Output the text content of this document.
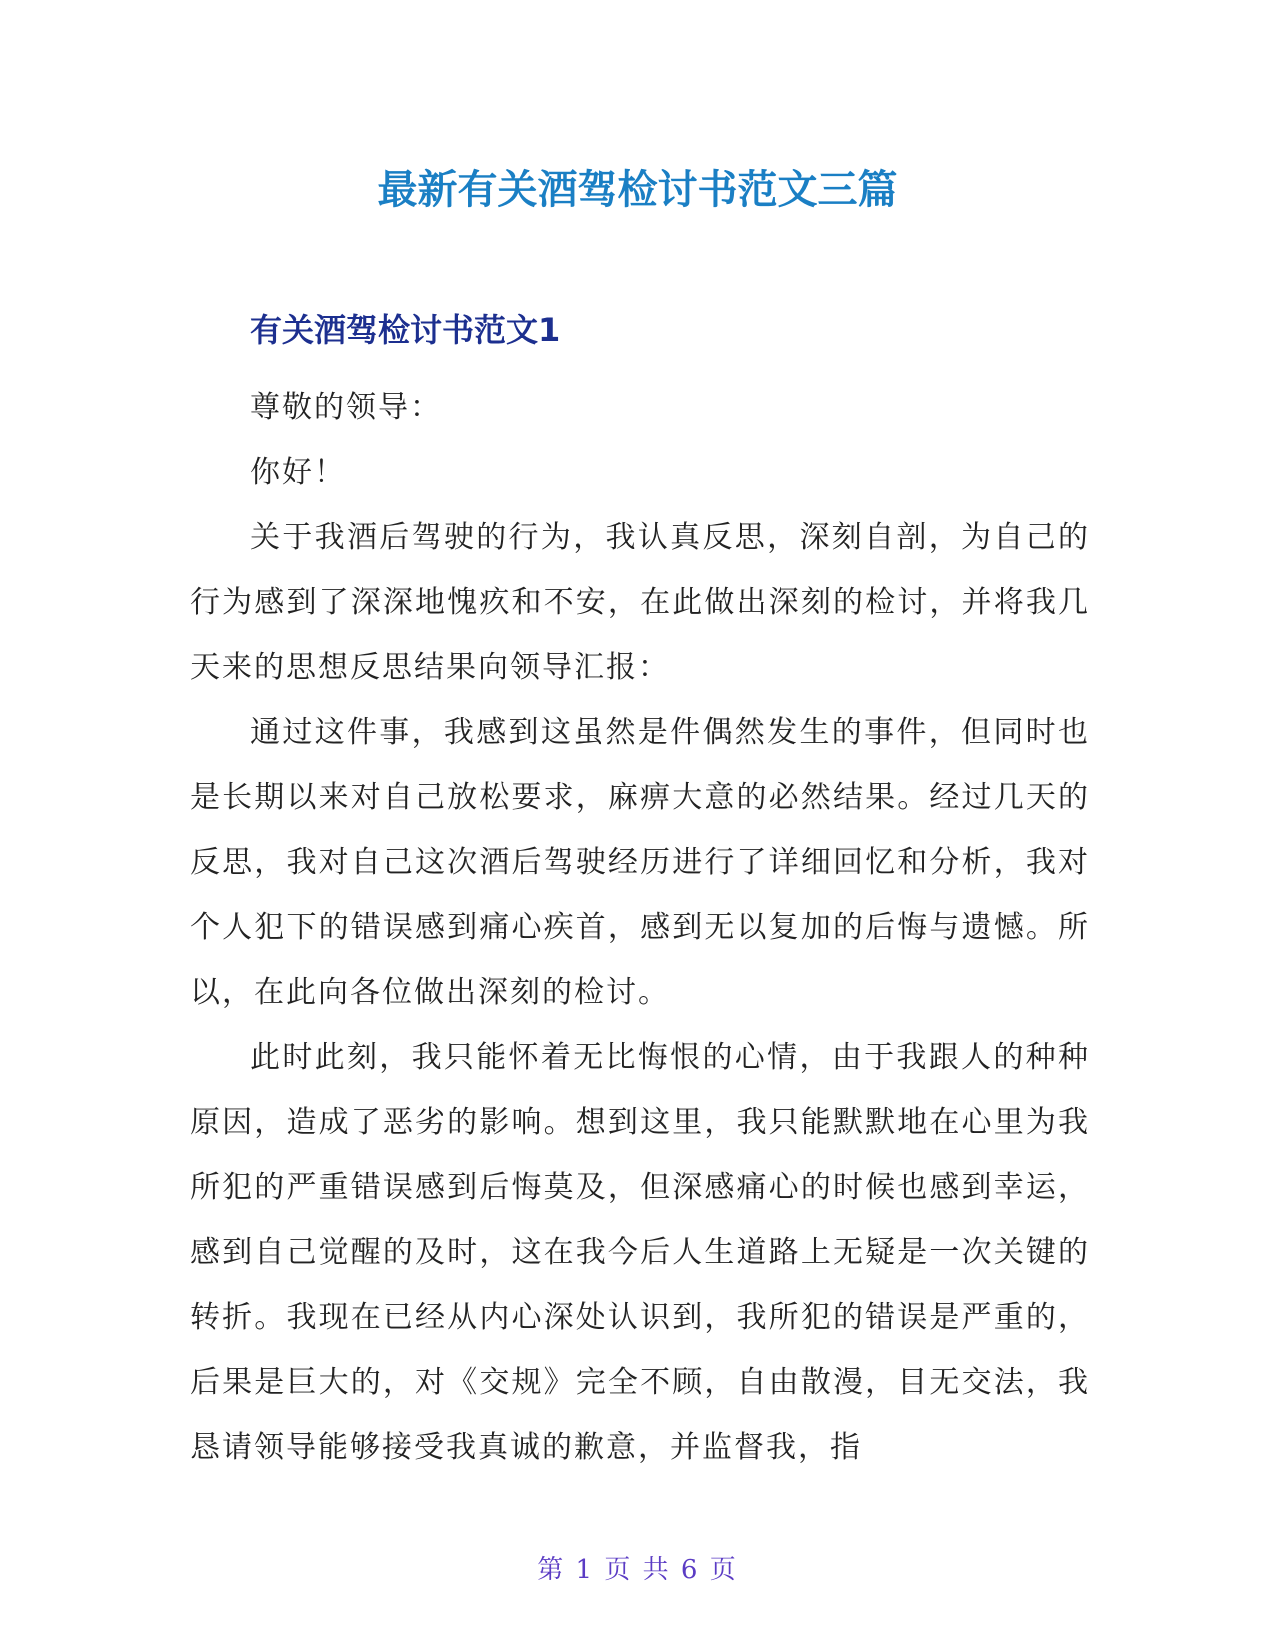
最新有关酒驾检讨书范文三篇
有关酒驾检讨书范文1

尊敬的领导：

你好！

关于我酒后驾驶的行为，我认真反思，深刻自剖，为自己的行为感到了深深地愧疚和不安，在此做出深刻的检讨，并将我几天来的思想反思结果向领导汇报：

通过这件事，我感到这虽然是件偶然发生的事件，但同时也是长期以来对自己放松要求，麻痹大意的必然结果。经过几天的反思，我对自己这次酒后驾驶经历进行了详细回忆和分析，我对个人犯下的错误感到痛心疾首，感到无以复加的后悔与遗憾。所以，在此向各位做出深刻的检讨。

此时此刻，我只能怀着无比悔恨的心情，由于我跟人的种种原因，造成了恶劣的影响。想到这里，我只能默默地在心里为我所犯的严重错误感到后悔莫及，但深感痛心的时候也感到幸运，感到自己觉醒的及时，这在我今后人生道路上无疑是一次关键的转折。我现在已经从内心深处认识到，我所犯的错误是严重的，后果是巨大的，对《交规》完全不顾，自由散漫，目无交法，我恳请领导能够接受我真诚的歉意，并监督我，指

第 1 页 共 6 页
